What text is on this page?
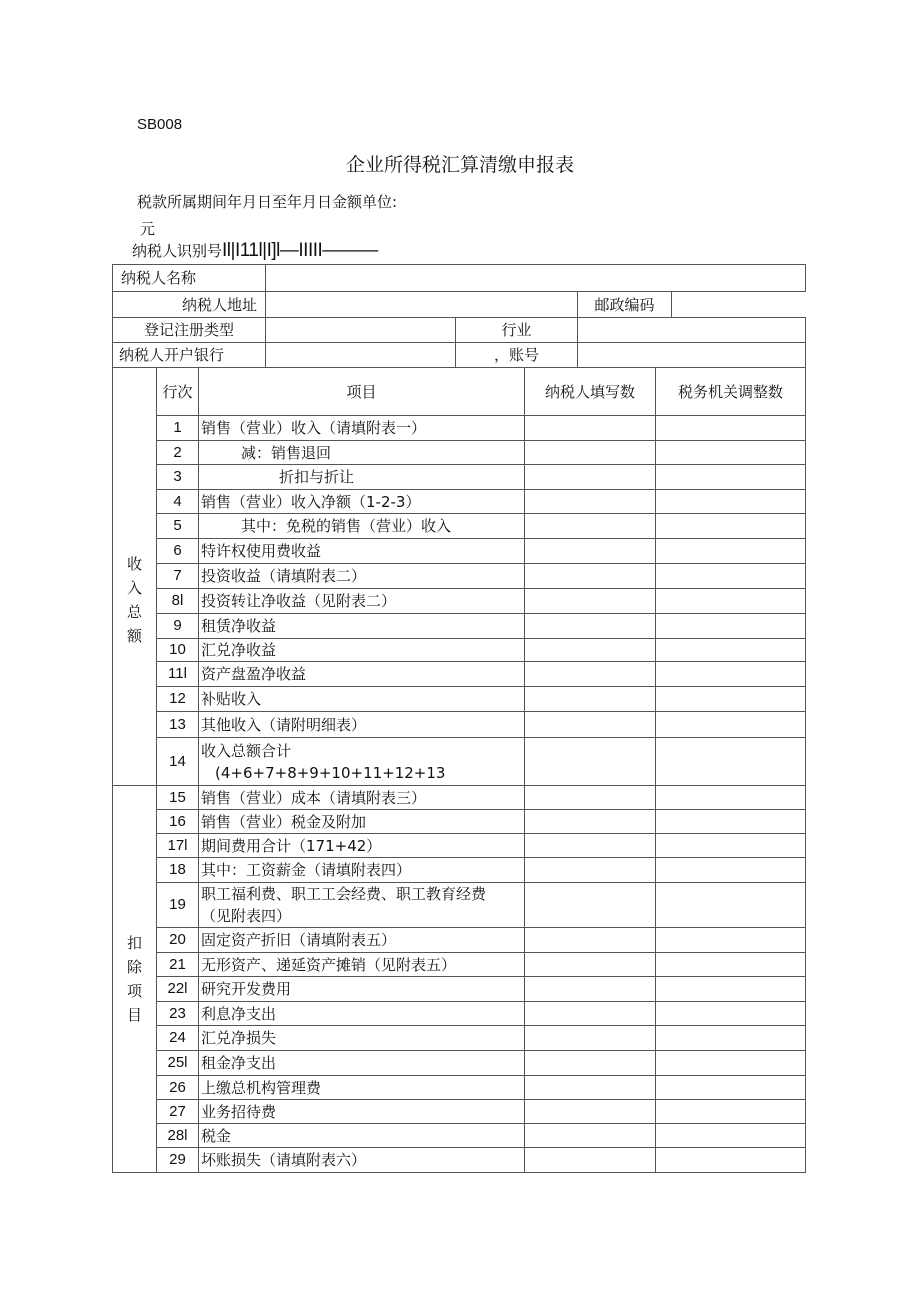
SB008
企业所得税汇算清缴申报表
税款所属期间年月日至年月日金额单位:
元
纳税人识别号Il|I11l|I]l—IIIII———
纳税人名称				
纳税人地址			邮政编码	
登记注册类型		行业		
纳税人开户银行		，账号		
	行次	项目	纳税人填写数	税务机关调整数
收入总额	1	销售（营业）收入（请填附表一）		
	2	减：销售退回		
	3	折扣与折让		
	4	销售（营业）收入净额（1-2-3）		
	5	其中：免税的销售（营业）收入		
	6	特许权使用费收益		
	7	投资收益（请填附表二）		
	8l	投资转让净收益（见附表二）		
	9	租赁净收益		
	10	汇兑净收益		
	11l	资产盘盈净收益		
	12	补贴收入		
	13	其他收入（请附明细表）		
	14	收入总额合计
(4+6+7+8+9+10+11+12+13		

扣除项目	15	销售（营业）成本（请填附表三）		
	16	销售（营业）税金及附加		
	17l	期间费用合计（171+42）		
	18	其中：工资薪金（请填附表四）		
	19	职工福利费、职工工会经费、职工教育经费
（见附表四）		

	20	固定资产折旧（请填附表五）		
	21	无形资产、递延资产摊销（见附表五）		
	22l	研究开发费用		
	23	利息净支出		
	24	汇兑净损失		
	25l	租金净支出		
	26	上缴总机构管理费		
	27	业务招待费		
	28l	税金		
	29	坏账损失（请填附表六）		
